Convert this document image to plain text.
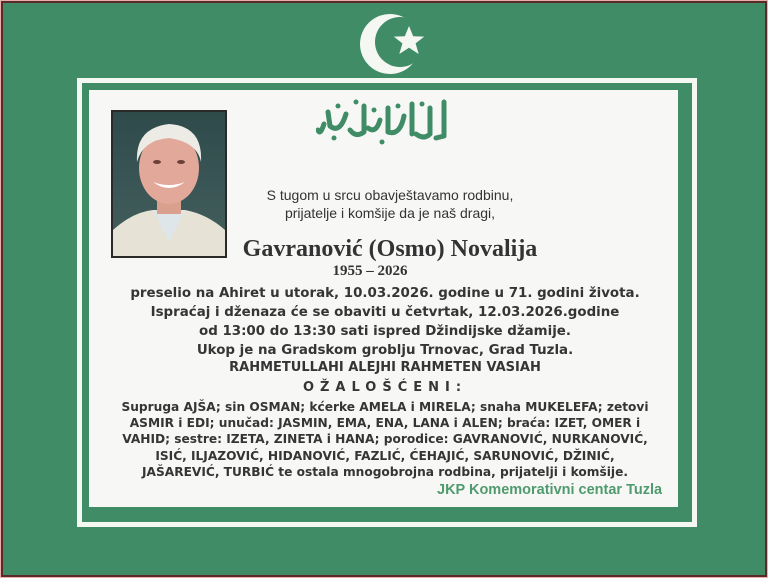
S tugom u srcu obavještavamo rodbinu,
prijatelje i komšije da je naš dragi,
Gavranović (Osmo) Novalija
1955 – 2026
preselio na Ahiret u utorak, 10.03.2026. godine u 71. godini života.
Ispraćaj i dženaza će se obaviti u četvrtak, 12.03.2026.godine
od 13:00 do 13:30 sati ispred Džindijske džamije.
Ukop je na Gradskom groblju Trnovac, Grad Tuzla.
RAHMETULLAHI ALEJHI RAHMETEN VASIAH
OŽALOŠĆENI:
Supruga AJŠA; sin OSMAN; kćerke AMELA i MIRELA; snaha MUKELEFA; zetovi
ASMIR i EDI; unučad: JASMIN, EMA, ENA, LANA i ALEN; braća: IZET, OMER i
VAHID; sestre: IZETA, ZINETA i HANA; porodice: GAVRANOVIĆ, NURKANOVIĆ,
ISIĆ, ILJAZOVIĆ, HIDANOVIĆ, FAZLIĆ, ĆEHAJIĆ, SARUNOVIĆ, DŽINIĆ,
JAŠAREVIĆ, TURBIĆ te ostala mnogobrojna rodbina, prijatelji i komšije.
JKP Komemorativni centar Tuzla
